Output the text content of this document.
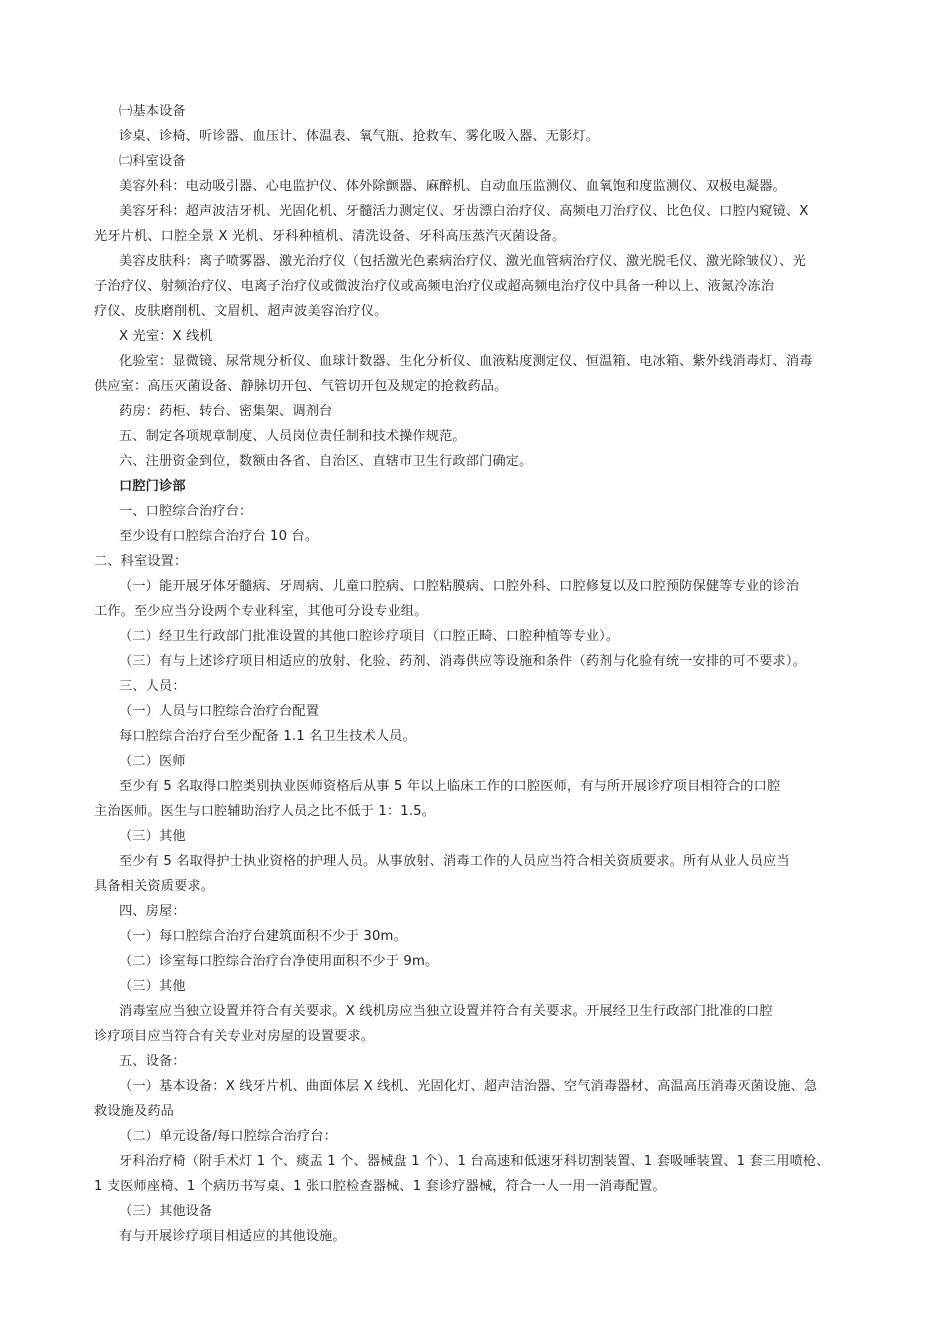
㈠基本设备
诊桌、诊椅、听诊器、血压计、体温表、氧气瓶、抢救车、雾化吸入器、无影灯。
㈡科室设备
美容外科：电动吸引器、心电监护仪、体外除颤器、麻醉机、自动血压监测仪、血氧饱和度监测仪、双极电凝器。
美容牙科：超声波洁牙机、光固化机、牙髓活力测定仪、牙齿漂白治疗仪、高频电刀治疗仪、比色仪、口腔内窥镜、X
光牙片机、口腔全景 X 光机、牙科种植机、清洗设备、牙科高压蒸汽灭菌设备。
美容皮肤科：离子喷雾器、激光治疗仪（包括激光色素病治疗仪、激光血管病治疗仪、激光脱毛仪、激光除皱仪）、光
子治疗仪、射频治疗仪、电离子治疗仪或微波治疗仪或高频电治疗仪或超高频电治疗仪中具备一种以上、液氮冷冻治
疗仪、皮肤磨削机、文眉机、超声波美容治疗仪。
X 光室：X 线机
化验室：显微镜、尿常规分析仪、血球计数器、生化分析仪、血液粘度测定仪、恒温箱、电冰箱、紫外线消毒灯、消毒
供应室：高压灭菌设备、静脉切开包、气管切开包及规定的抢救药品。
药房：药柜、转台、密集架、调剂台
五、制定各项规章制度、人员岗位责任制和技术操作规范。
六、注册资金到位，数额由各省、自治区、直辖市卫生行政部门确定。
口腔门诊部
一、口腔综合治疗台：
至少设有口腔综合治疗台 10 台。
二、科室设置：
（一）能开展牙体牙髓病、牙周病、儿童口腔病、口腔粘膜病、口腔外科、口腔修复以及口腔预防保健等专业的诊治
工作。至少应当分设两个专业科室，其他可分设专业组。
（二）经卫生行政部门批准设置的其他口腔诊疗项目（口腔正畸、口腔种植等专业）。
（三）有与上述诊疗项目相适应的放射、化验、药剂、消毒供应等设施和条件（药剂与化验有统一安排的可不要求）。
三、人员：
（一）人员与口腔综合治疗台配置
每口腔综合治疗台至少配备 1.1 名卫生技术人员。
（二）医师
至少有 5 名取得口腔类别执业医师资格后从事 5 年以上临床工作的口腔医师，有与所开展诊疗项目相符合的口腔
主治医师。医生与口腔辅助治疗人员之比不低于 1：1.5。
（三）其他
至少有 5 名取得护士执业资格的护理人员。从事放射、消毒工作的人员应当符合相关资质要求。所有从业人员应当
具备相关资质要求。
四、房屋：
（一）每口腔综合治疗台建筑面积不少于 30m。
（二）诊室每口腔综合治疗台净使用面积不少于 9m。
（三）其他
消毒室应当独立设置并符合有关要求。X 线机房应当独立设置并符合有关要求。开展经卫生行政部门批准的口腔
诊疗项目应当符合有关专业对房屋的设置要求。
五、设备：
（一）基本设备：X 线牙片机、曲面体层 X 线机、光固化灯、超声洁治器、空气消毒器材、高温高压消毒灭菌设施、急
救设施及药品
（二）单元设备/每口腔综合治疗台：
牙科治疗椅（附手术灯 1 个、痰盂 1 个、器械盘 1 个）、1 台高速和低速牙科切割装置、1 套吸唾装置、1 套三用喷枪、
1 支医师座椅、1 个病历书写桌、1 张口腔检查器械、1 套诊疗器械，符合一人一用一消毒配置。
（三）其他设备
有与开展诊疗项目相适应的其他设施。
